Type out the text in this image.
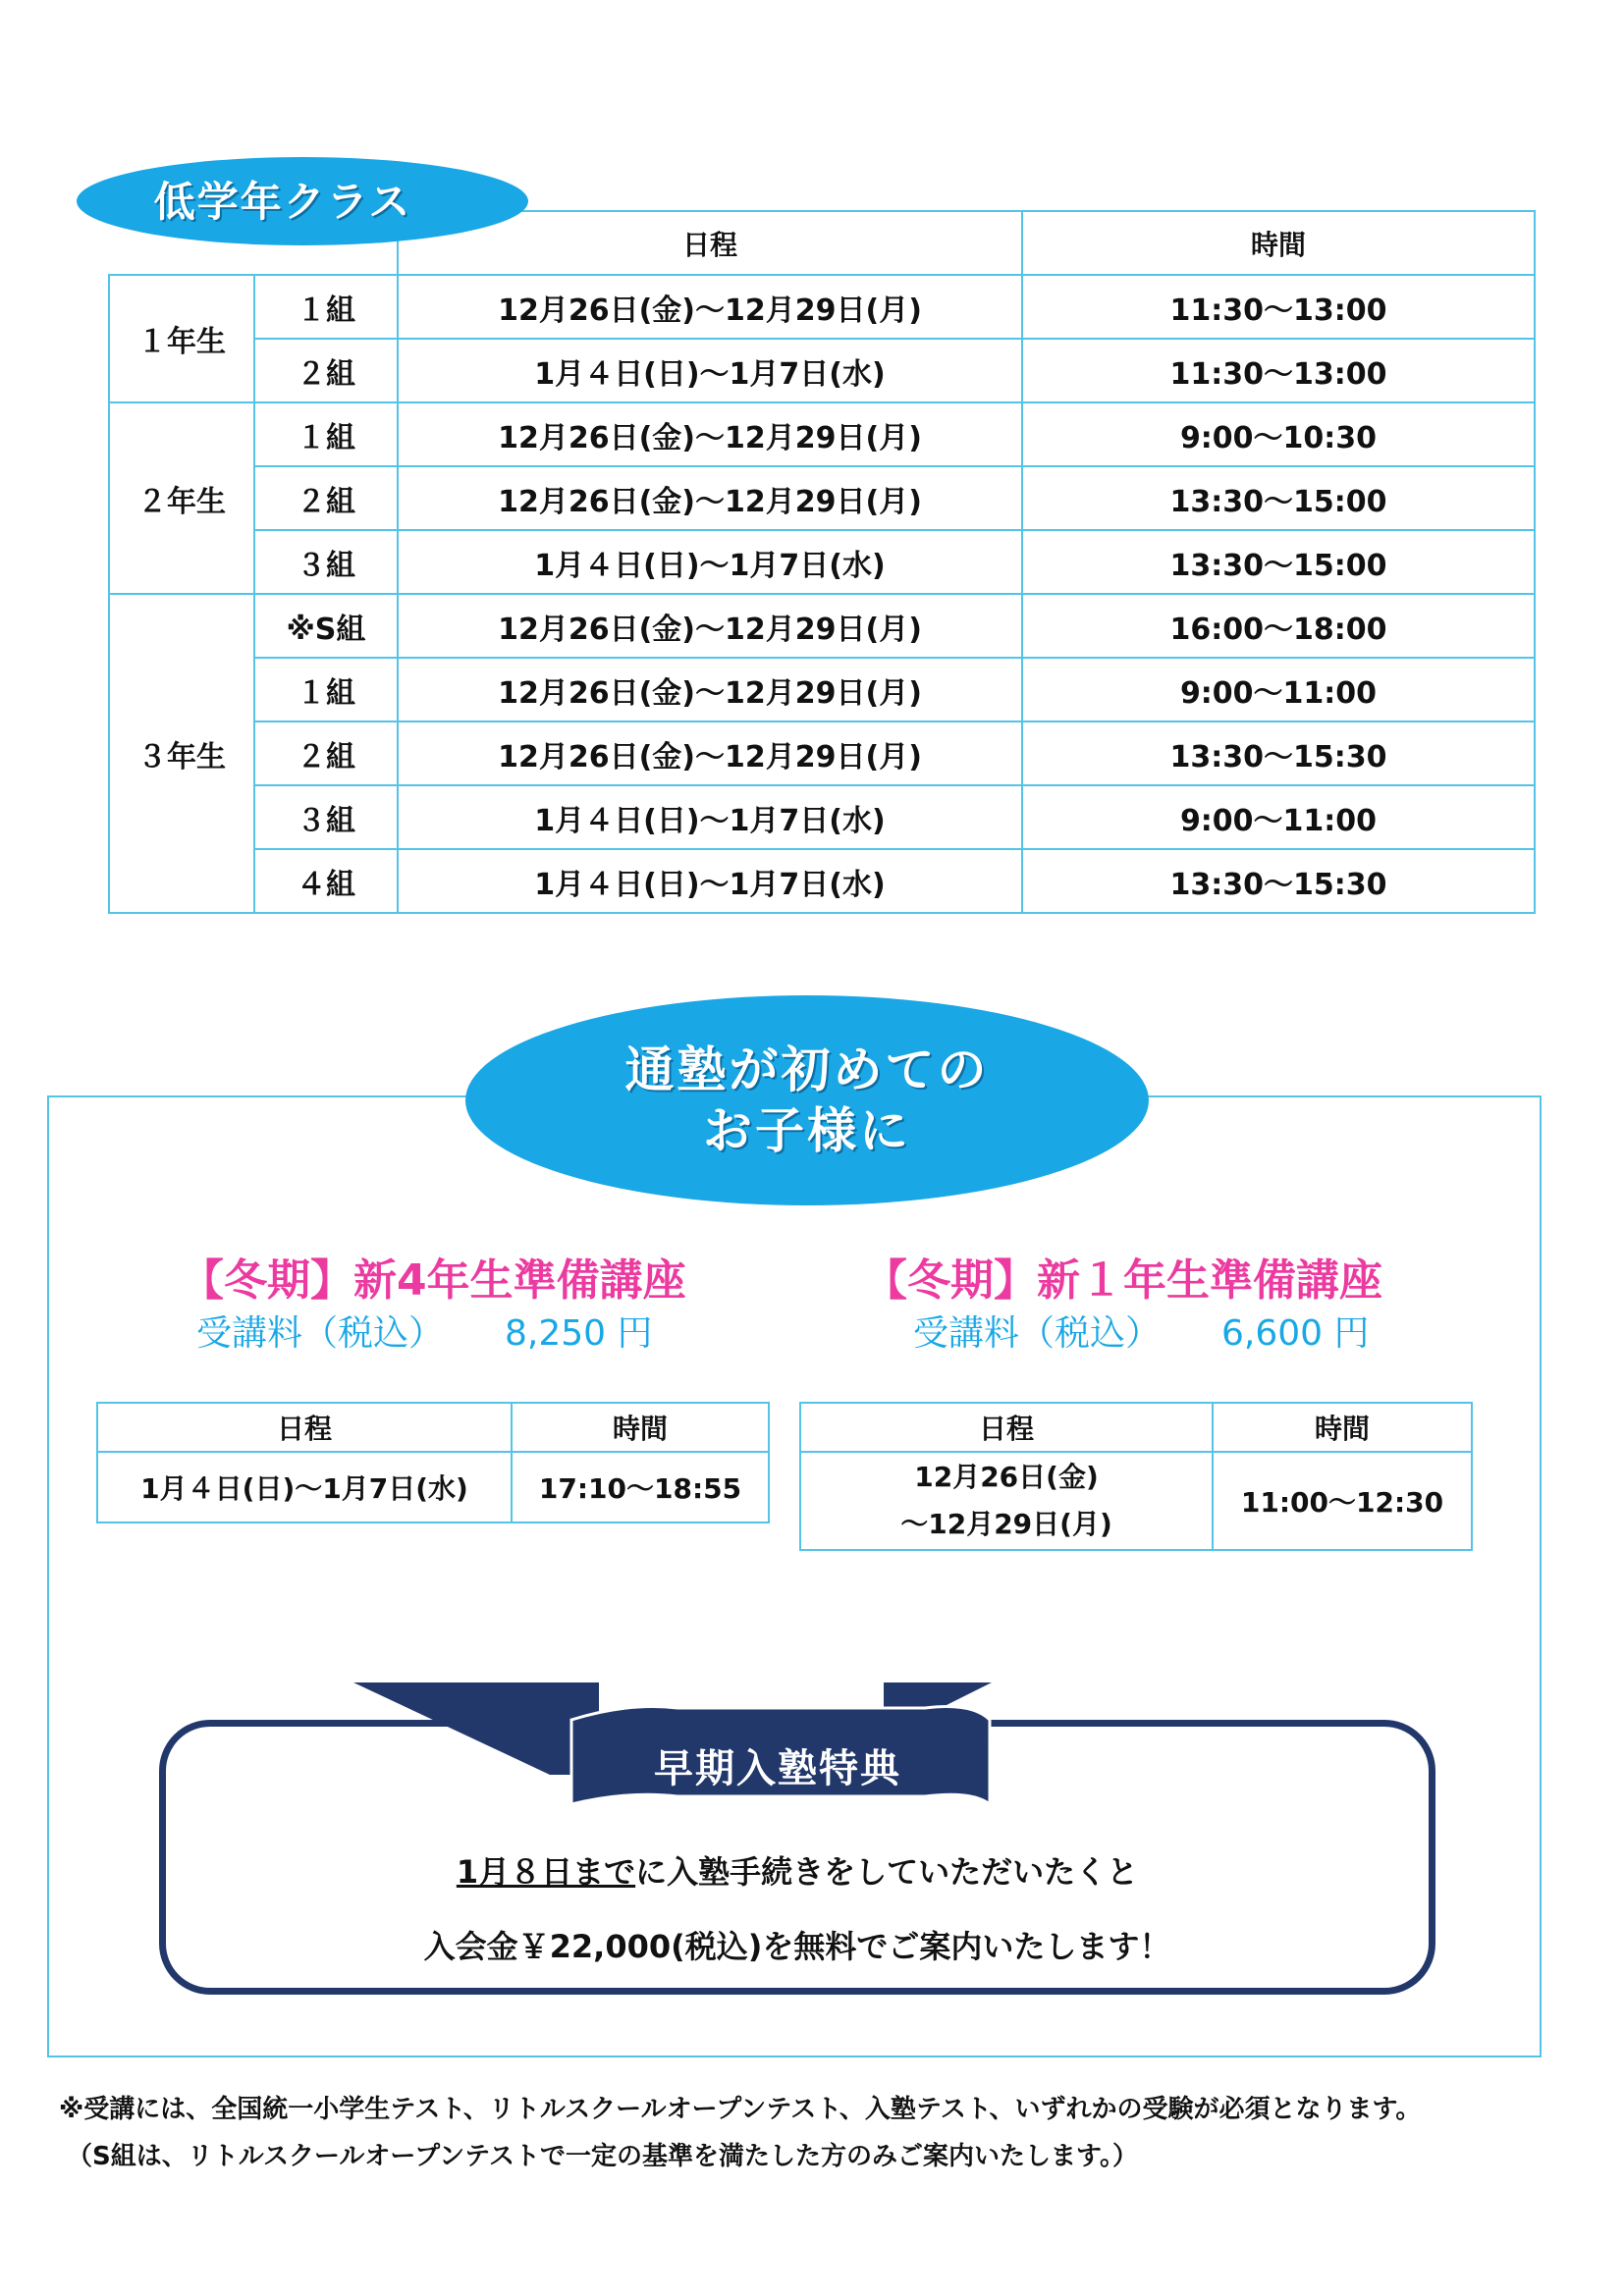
低学年クラス
		日程	時間
１年生	１組	12月26日(金)～12月29日(月)	11:30～13:00
	２組	1月４日(日)～1月7日(水)	11:30～13:00
２年生	１組	12月26日(金)～12月29日(月)	9:00～10:30
	２組	12月26日(金)～12月29日(月)	13:30～15:00
	３組	1月４日(日)～1月7日(水)	13:30～15:00
３年生	※S組	12月26日(金)～12月29日(月)	16:00～18:00
	１組	12月26日(金)～12月29日(月)	9:00～11:00
	２組	12月26日(金)～12月29日(月)	13:30～15:30
	３組	1月４日(日)～1月7日(水)	9:00～11:00
	４組	1月４日(日)～1月7日(水)	13:30～15:30
通塾が初めての
お子様に
【冬期】新4年生準備講座
受講料（税込） 8,250 円
日程	時間
1月４日(日)～1月7日(水)	17:10～18:55
【冬期】新１年生準備講座
受講料（税込） 6,600 円
日程	時間

12月26日(金)
～12月29日(月)	11:00～12:30
早期入塾特典
1月８日までに入塾手続きをしていただいたくと
入会金￥22,000(税込)を無料でご案内いたします！
※受講には、全国統一小学生テスト、リトルスクールオープンテスト、入塾テスト、いずれかの受験が必須となります。
（S組は、リトルスクールオープンテストで一定の基準を満たした方のみご案内いたします。）
